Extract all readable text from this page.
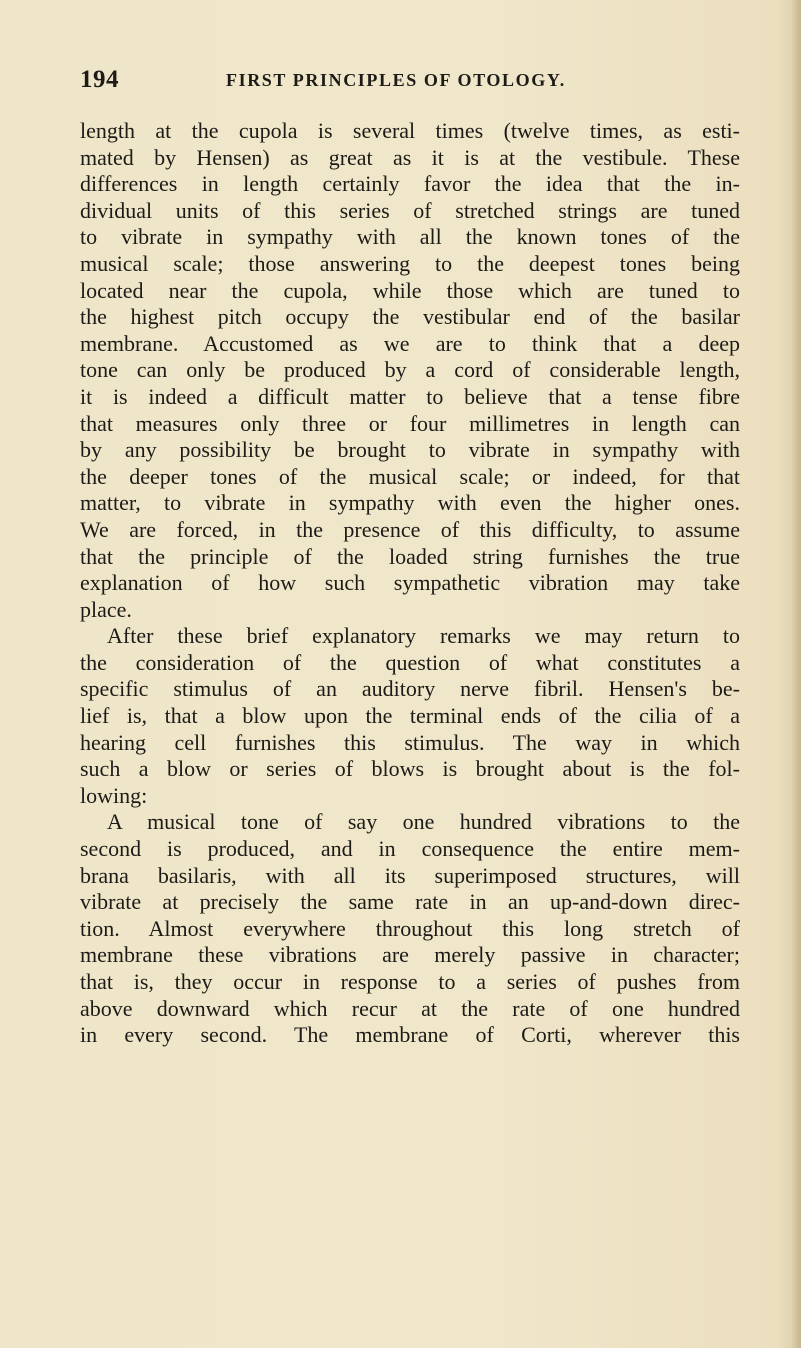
194	FIRST PRINCIPLES OF OTOLOGY.
length at the cupola is several times (twelve times, as esti-
mated by Hensen) as great as it is at the vestibule. These
differences in length certainly favor the idea that the in-
dividual units of this series of stretched strings are tuned
to vibrate in sympathy with all the known tones of the
musical scale; those answering to the deepest tones being
located near the cupola, while those which are tuned to
the highest pitch occupy the vestibular end of the basilar
membrane. Accustomed as we are to think that a deep
tone can only be produced by a cord of considerable length,
it is indeed a difficult matter to believe that a tense fibre
that measures only three or four millimetres in length can
by any possibility be brought to vibrate in sympathy with
the deeper tones of the musical scale; or indeed, for that
matter, to vibrate in sympathy with even the higher ones.
We are forced, in the presence of this difficulty, to assume
that the principle of the loaded string furnishes the true
explanation of how such sympathetic vibration may take
place.
After these brief explanatory remarks we may return to
the consideration of the question of what constitutes a
specific stimulus of an auditory nerve fibril. Hensen's be-
lief is, that a blow upon the terminal ends of the cilia of a
hearing cell furnishes this stimulus. The way in which
such a blow or series of blows is brought about is the fol-
lowing:
A musical tone of say one hundred vibrations to the
second is produced, and in consequence the entire mem-
brana basilaris, with all its superimposed structures, will
vibrate at precisely the same rate in an up-and-down direc-
tion. Almost everywhere throughout this long stretch of
membrane these vibrations are merely passive in character;
that is, they occur in response to a series of pushes from
above downward which recur at the rate of one hundred
in every second. The membrane of Corti, wherever this
